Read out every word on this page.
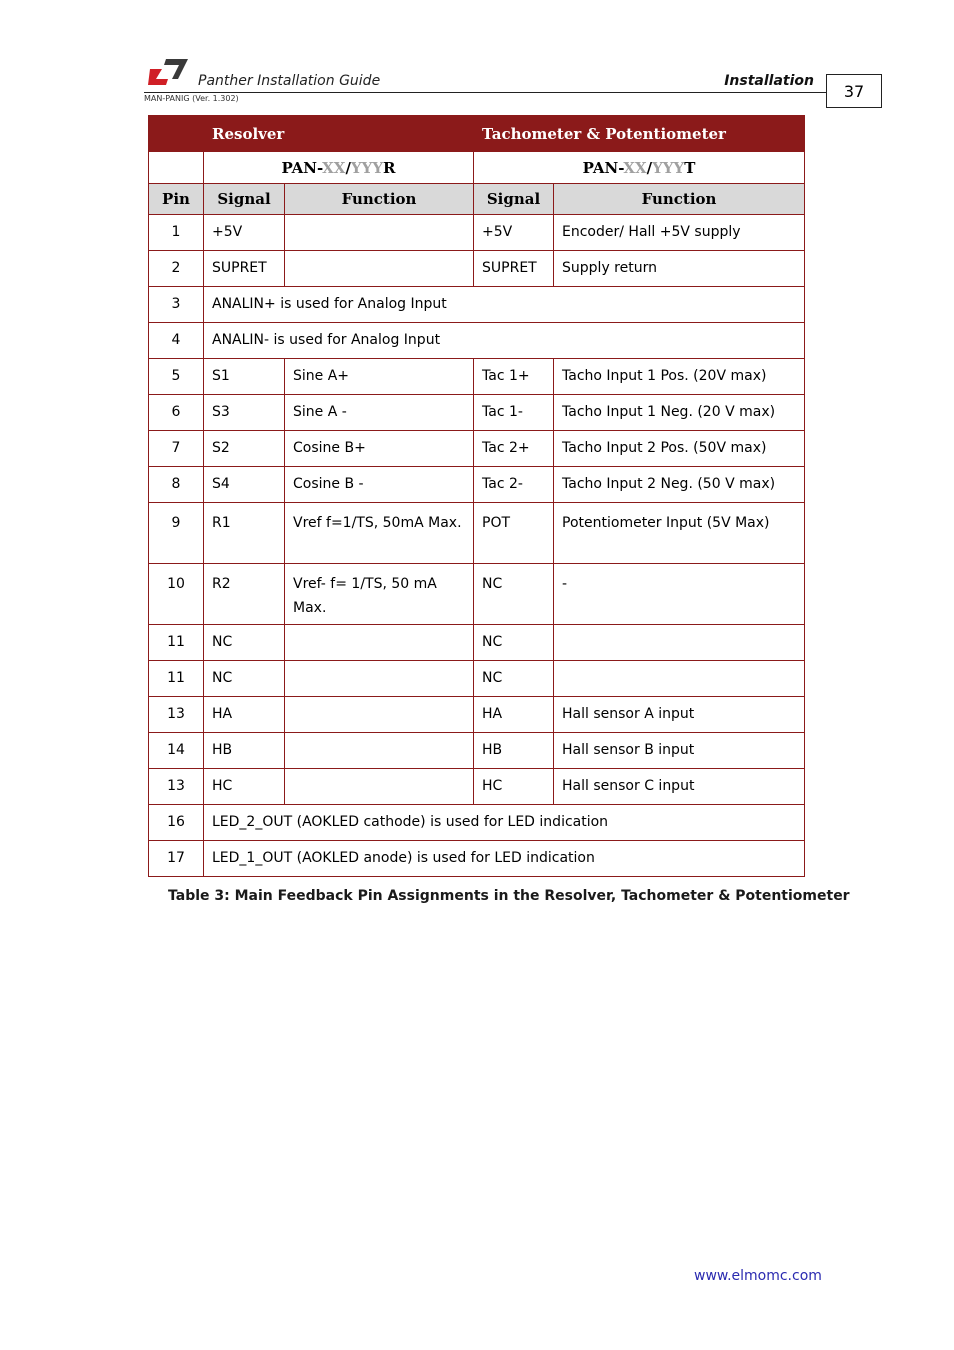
Panther Installation Guide	Installation
MAN-PANIG (Ver. 1.302)	37
	Resolver		Tachometer & Potentiometer	
	PAN-XX/YYYR		PAN-XX/YYYT	
Pin	Signal	Function	Signal	Function
1	+5V		+5V	Encoder/ Hall +5V supply
2	SUPRET		SUPRET	Supply return
3	ANALIN+ is used for Analog Input			
4	ANALIN- is used for Analog Input			
5	S1	Sine A+	Tac 1+	Tacho Input 1 Pos. (20V max)
6	S3	Sine A -	Tac 1-	Tacho Input 1 Neg. (20 V max)
7	S2	Cosine B+	Tac 2+	Tacho Input 2 Pos. (50V max)
8	S4	Cosine B -	Tac 2-	Tacho Input 2 Neg. (50 V max)
9	R1	Vref f=1/TS, 50mA Max.	POT	Potentiometer Input (5V Max)
10	R2	Vref- f= 1/TS, 50 mA Max.	NC	-
11	NC		NC	
11	NC		NC	
13	HA		HA	Hall sensor A input
14	HB		HB	Hall sensor B input
13	HC		HC	Hall sensor C input
16	LED_2_OUT (AOKLED cathode) is used for LED indication			
17	LED_1_OUT (AOKLED anode) is used for LED indication			
Table 3: Main Feedback Pin Assignments in the Resolver, Tachometer & Potentiometer
www.elmomc.com
